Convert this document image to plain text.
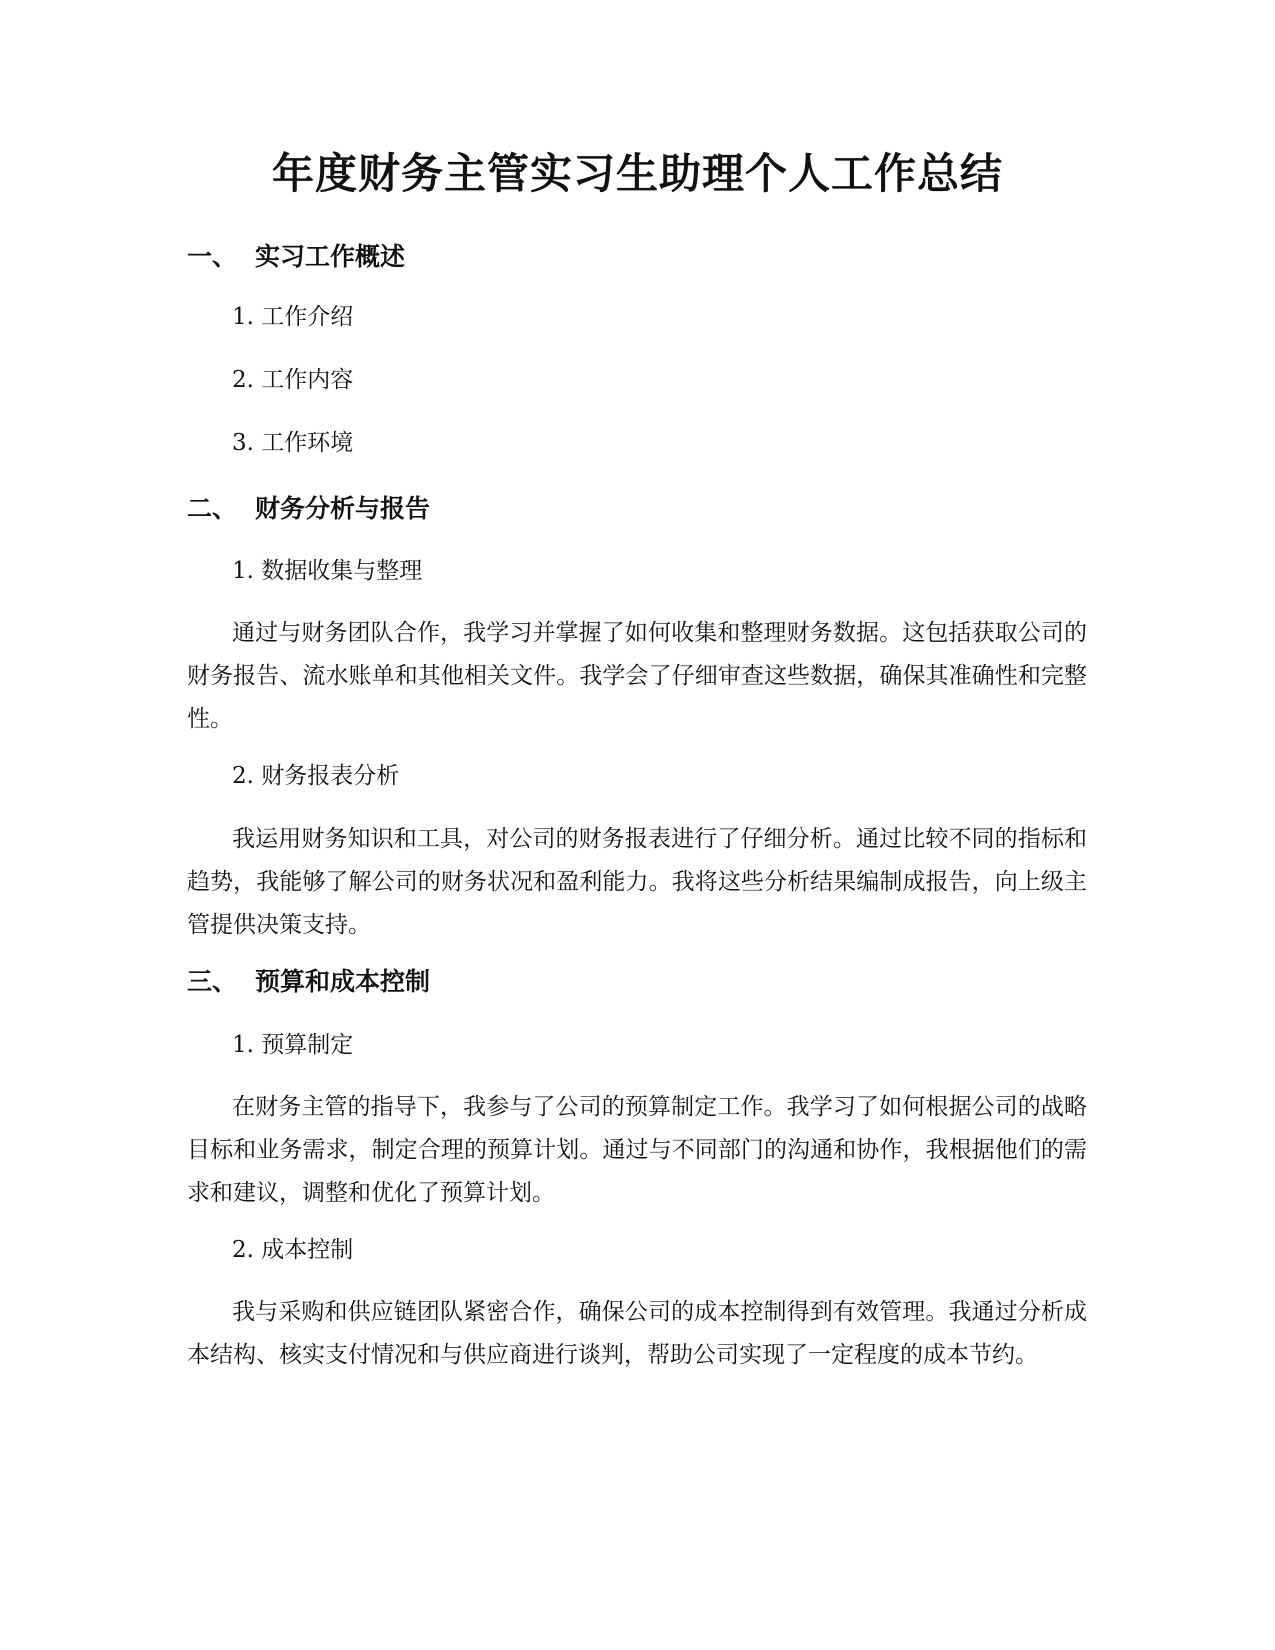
年度财务主管实习生助理个人工作总结
一、 实习工作概述

1. 工作介绍

2. 工作内容

3. 工作环境

二、 财务分析与报告

1. 数据收集与整理

通过与财务团队合作，我学习并掌握了如何收集和整理财务数据。这包括获取公司的财务报告、流水账单和其他相关文件。我学会了仔细审查这些数据，确保其准确性和完整性。

2. 财务报表分析

我运用财务知识和工具，对公司的财务报表进行了仔细分析。通过比较不同的指标和趋势，我能够了解公司的财务状况和盈利能力。我将这些分析结果编制成报告，向上级主管提供决策支持。

三、 预算和成本控制

1. 预算制定

在财务主管的指导下，我参与了公司的预算制定工作。我学习了如何根据公司的战略目标和业务需求，制定合理的预算计划。通过与不同部门的沟通和协作，我根据他们的需求和建议，调整和优化了预算计划。

2. 成本控制

我与采购和供应链团队紧密合作，确保公司的成本控制得到有效管理。我通过分析成本结构、核实支付情况和与供应商进行谈判，帮助公司实现了一定程度的成本节约。
